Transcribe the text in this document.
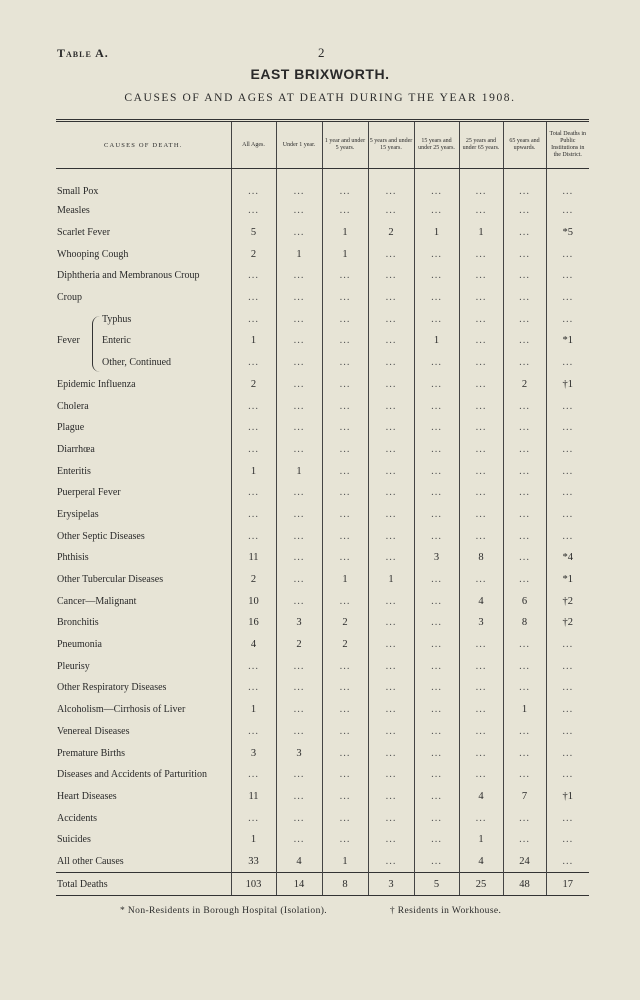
Table A.	2
EAST BRIXWORTH.
CAUSES OF AND AGES AT DEATH DURING THE YEAR 1908.
CAUSES OF DEATH.	All Ages.	Under 1 year.	1 year and under 5 years.	5 years and under 15 years.	15 years and under 25 years.	25 years and under 65 years.	65 years and upwards.	Total Deaths in Public Institutions in the District.
Small Pox	...	...	...	...	...	...	...	...
Measles	...	...	...	...	...	...	...	...
Scarlet Fever	5	...	1	2	1	1	...	*5
Whooping Cough	2	1	1	...	...	...	...	...
Diphtheria and Membranous Croup	...	...	...	...	...	...	...	...
Croup	...	...	...	...	...	...	...	...
Typhus	...	...	...	...	...	...	...	...

Fever Enteric	1	...	...	...	1	...	...	*1
Other, Continued	...	...	...	...	...	...	...	...
Epidemic Influenza	2	...	...	...	...	...	2	†1
Cholera	...	...	...	...	...	...	...	...
Plague	...	...	...	...	...	...	...	...
Diarrhœa	...	...	...	...	...	...	...	...
Enteritis	1	1	...	...	...	...	...	...
Puerperal Fever	...	...	...	...	...	...	...	...
Erysipelas	...	...	...	...	...	...	...	...
Other Septic Diseases	...	...	...	...	...	...	...	...
Phthisis	11	...	...	...	3	8	...	*4
Other Tubercular Diseases	2	...	1	1	...	...	...	*1
Cancer—Malignant	10	...	...	...	...	4	6	†2
Bronchitis	16	3	2	...	...	3	8	†2
Pneumonia	4	2	2	...	...	...	...	...
Pleurisy	...	...	...	...	...	...	...	...
Other Respiratory Diseases	...	...	...	...	...	...	...	...
Alcoholism—Cirrhosis of Liver	1	...	...	...	...	...	1	...
Venereal Diseases	...	...	...	...	...	...	...	...
Premature Births	3	3	...	...	...	...	...	...
Diseases and Accidents of Parturition	...	...	...	...	...	...	...	...
Heart Diseases	11	...	...	...	...	4	7	†1
Accidents	...	...	...	...	...	...	...	...
Suicides	1	...	...	...	...	1	...	...
All other Causes	33	4	1	...	...	4	24	...
Total Deaths	103	14	8	3	5	25	48	17
* Non-Residents in Borough Hospital (Isolation).	† Residents in Workhouse.
